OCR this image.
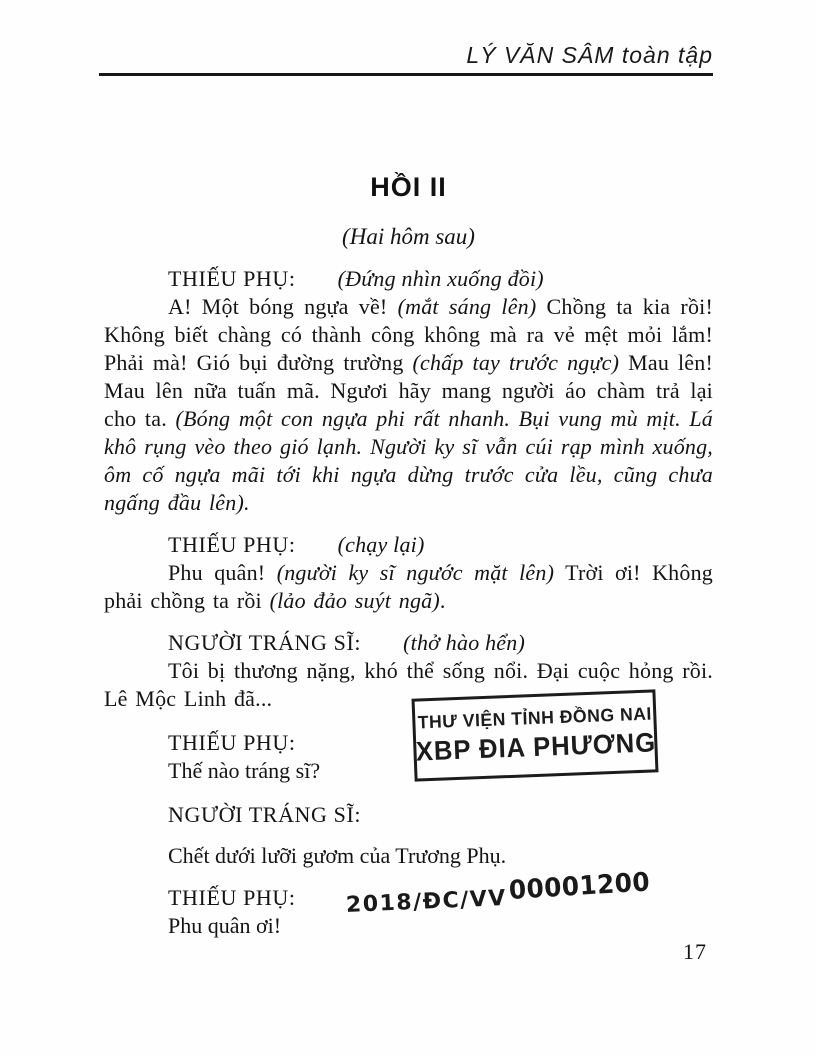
LÝ VĂN SÂM toàn tập
HỒI II
(Hai hôm sau)
THIẾU PHỤ: (Đứng nhìn xuống đồi)

A! Một bóng ngựa về! (mắt sáng lên) Chồng ta kia rồi! Không biết chàng có thành công không mà ra vẻ mệt mỏi lắm! Phải mà! Gió bụi đường trường (chấp tay trước ngực) Mau lên! Mau lên nữa tuấn mã. Ngươi hãy mang người áo chàm trả lại cho ta. (Bóng một con ngựa phi rất nhanh. Bụi vung mù mịt. Lá khô rụng vèo theo gió lạnh. Người ky sĩ vẫn cúi rạp mình xuống, ôm cố ngựa mãi tới khi ngựa dừng trước cửa lều, cũng chưa ngấng đầu lên).

THIẾU PHỤ: (chạy lại)

Phu quân! (người ky sĩ ngước mặt lên) Trời ơi! Không phải chồng ta rồi (lảo đảo suýt ngã).

NGƯỜI TRÁNG SĨ: (thở hào hển)

Tôi bị thương nặng, khó thể sống nổi. Đại cuộc hỏng rồi. Lê Mộc Linh đã...

THIẾU PHỤ:

Thế nào tráng sĩ?

NGƯỜI TRÁNG SĨ:

Chết dưới lưỡi gươm của Trương Phụ.

THIẾU PHỤ:

Phu quân ơi!

THƯ VIỆN TỈNH ĐỒNG NAI
XBP ĐIA PHƯƠNG
2018/ĐC/VV 00001200
17
